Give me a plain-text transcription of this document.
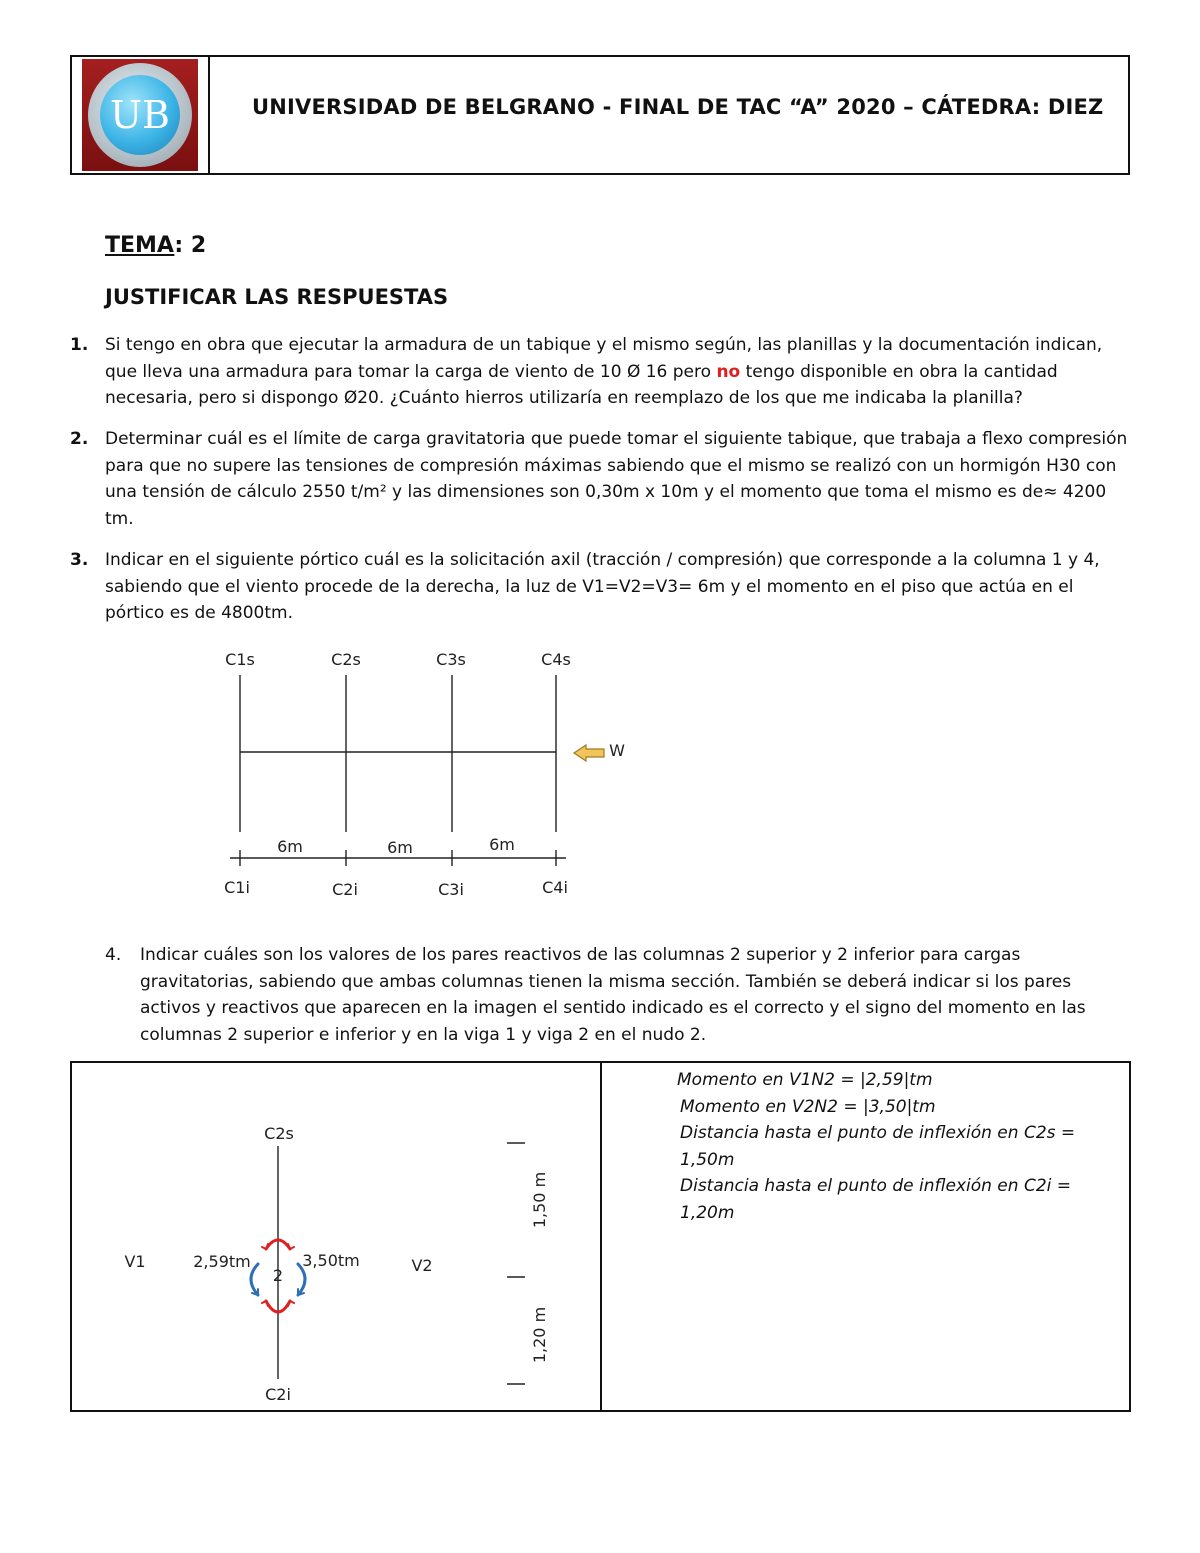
UB	UNIVERSIDAD DE BELGRANO - FINAL DE TAC “A” 2020 – CÁTEDRA: DIEZ
TEMA: 2
JUSTIFICAR LAS RESPUESTAS
1. Si tengo en obra que ejecutar la armadura de un tabique y el mismo según, las planillas y la documentación indican, que lleva una armadura para tomar la carga de viento de 10 Ø 16 pero no tengo disponible en obra la cantidad necesaria, pero si dispongo Ø20. ¿Cuánto hierros utilizaría en reemplazo de los que me indicaba la planilla?
2. Determinar cuál es el límite de carga gravitatoria que puede tomar el siguiente tabique, que trabaja a flexo compresión para que no supere las tensiones de compresión máximas sabiendo que el mismo se realizó con un hormigón H30 con una tensión de cálculo 2550 t/m² y las dimensiones son 0,30m x 10m y el momento que toma el mismo es de≈ 4200 tm.
3. Indicar en el siguiente pórtico cuál es la solicitación axil (tracción / compresión) que corresponde a la columna 1 y 4, sabiendo que el viento procede de la derecha, la luz de V1=V2=V3= 6m y el momento en el piso que actúa en el pórtico es de 4800tm.
C1s	C2s	C3s	C4s
C1i	C2i	C3i	C4i
6m	6m	6m
W
4. Indicar cuáles son los valores de los pares reactivos de las columnas 2 superior y 2 inferior para cargas gravitatorias, sabiendo que ambas columnas tienen la misma sección. También se deberá indicar si los pares activos y reactivos que aparecen en la imagen el sentido indicado es el correcto y el signo del momento en las columnas 2 superior e inferior y en la viga 1 y viga 2 en el nudo 2.
Momento en V1N2 = |2,59|tm
Momento en V2N2 = |3,50|tm
Distancia hasta el punto de inflexión en C2s = 1,50m
Distancia hasta el punto de inflexión en C2i = 1,20m
C2s
C2i
V1	V2
2,59tm	3,50tm
2
1,50 m
1,20 m
